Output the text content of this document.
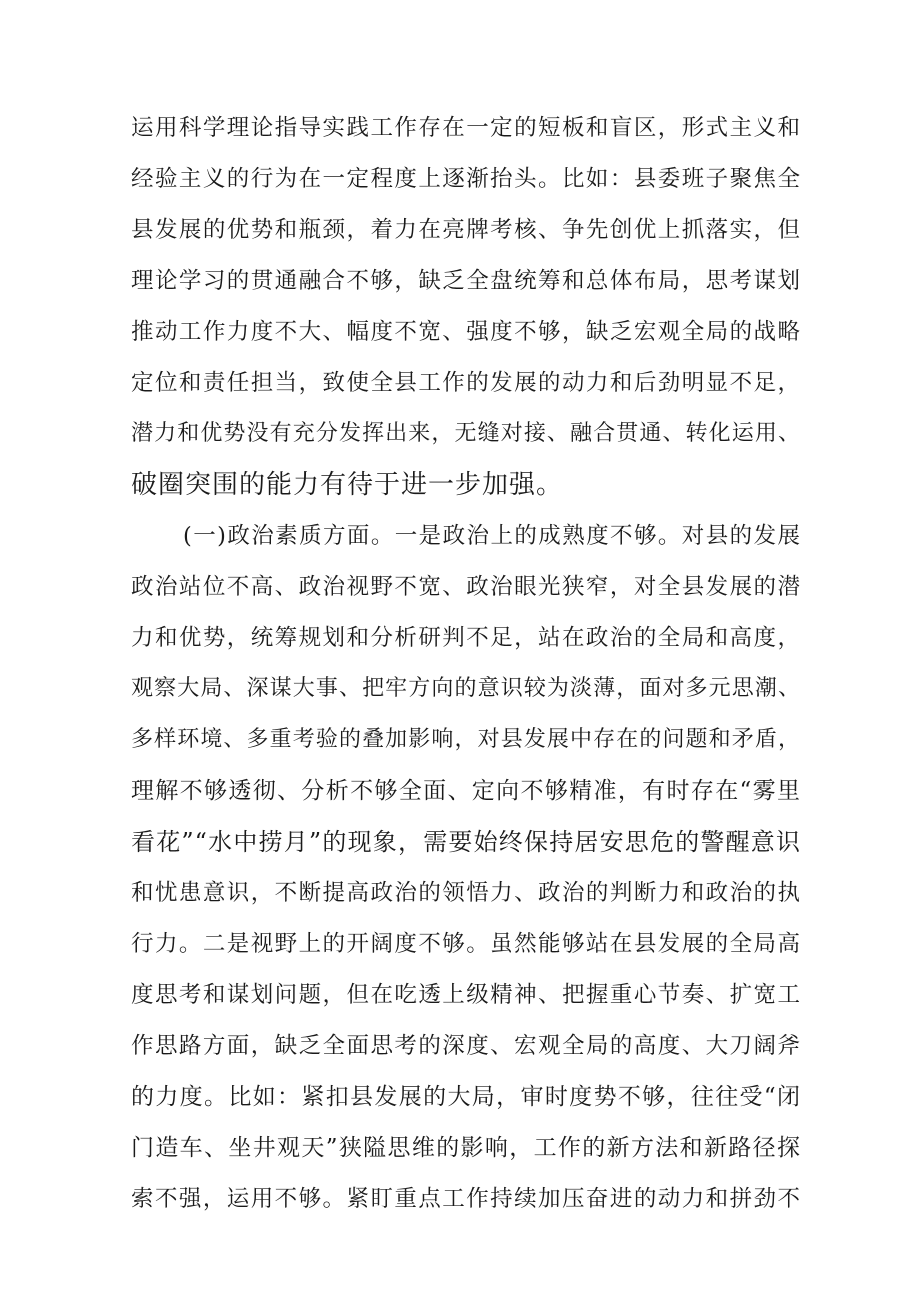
运用科学理论指导实践工作存在一定的短板和盲区，形式主义和
经验主义的行为在一定程度上逐渐抬头。比如：县委班子聚焦全
县发展的优势和瓶颈，着力在亮牌考核、争先创优上抓落实，但
理论学习的贯通融合不够，缺乏全盘统筹和总体布局，思考谋划
推动工作力度不大、幅度不宽、强度不够，缺乏宏观全局的战略
定位和责任担当，致使全县工作的发展的动力和后劲明显不足，
潜力和优势没有充分发挥出来，无缝对接、融合贯通、转化运用、
破圈突围的能力有待于进一步加强。
(一)政治素质方面。一是政治上的成熟度不够。对县的发展
政治站位不高、政治视野不宽、政治眼光狭窄，对全县发展的潜
力和优势，统筹规划和分析研判不足，站在政治的全局和高度，
观察大局、深谋大事、把牢方向的意识较为淡薄，面对多元思潮、
多样环境、多重考验的叠加影响，对县发展中存在的问题和矛盾，
理解不够透彻、分析不够全面、定向不够精准，有时存在“雾里
看花”“水中捞月”的现象，需要始终保持居安思危的警醒意识
和忧患意识，不断提高政治的领悟力、政治的判断力和政治的执
行力。二是视野上的开阔度不够。虽然能够站在县发展的全局高
度思考和谋划问题，但在吃透上级精神、把握重心节奏、扩宽工
作思路方面，缺乏全面思考的深度、宏观全局的高度、大刀阔斧
的力度。比如：紧扣县发展的大局，审时度势不够，往往受“闭
门造车、坐井观天”狭隘思维的影响，工作的新方法和新路径探
索不强，运用不够。紧盯重点工作持续加压奋进的动力和拼劲不
